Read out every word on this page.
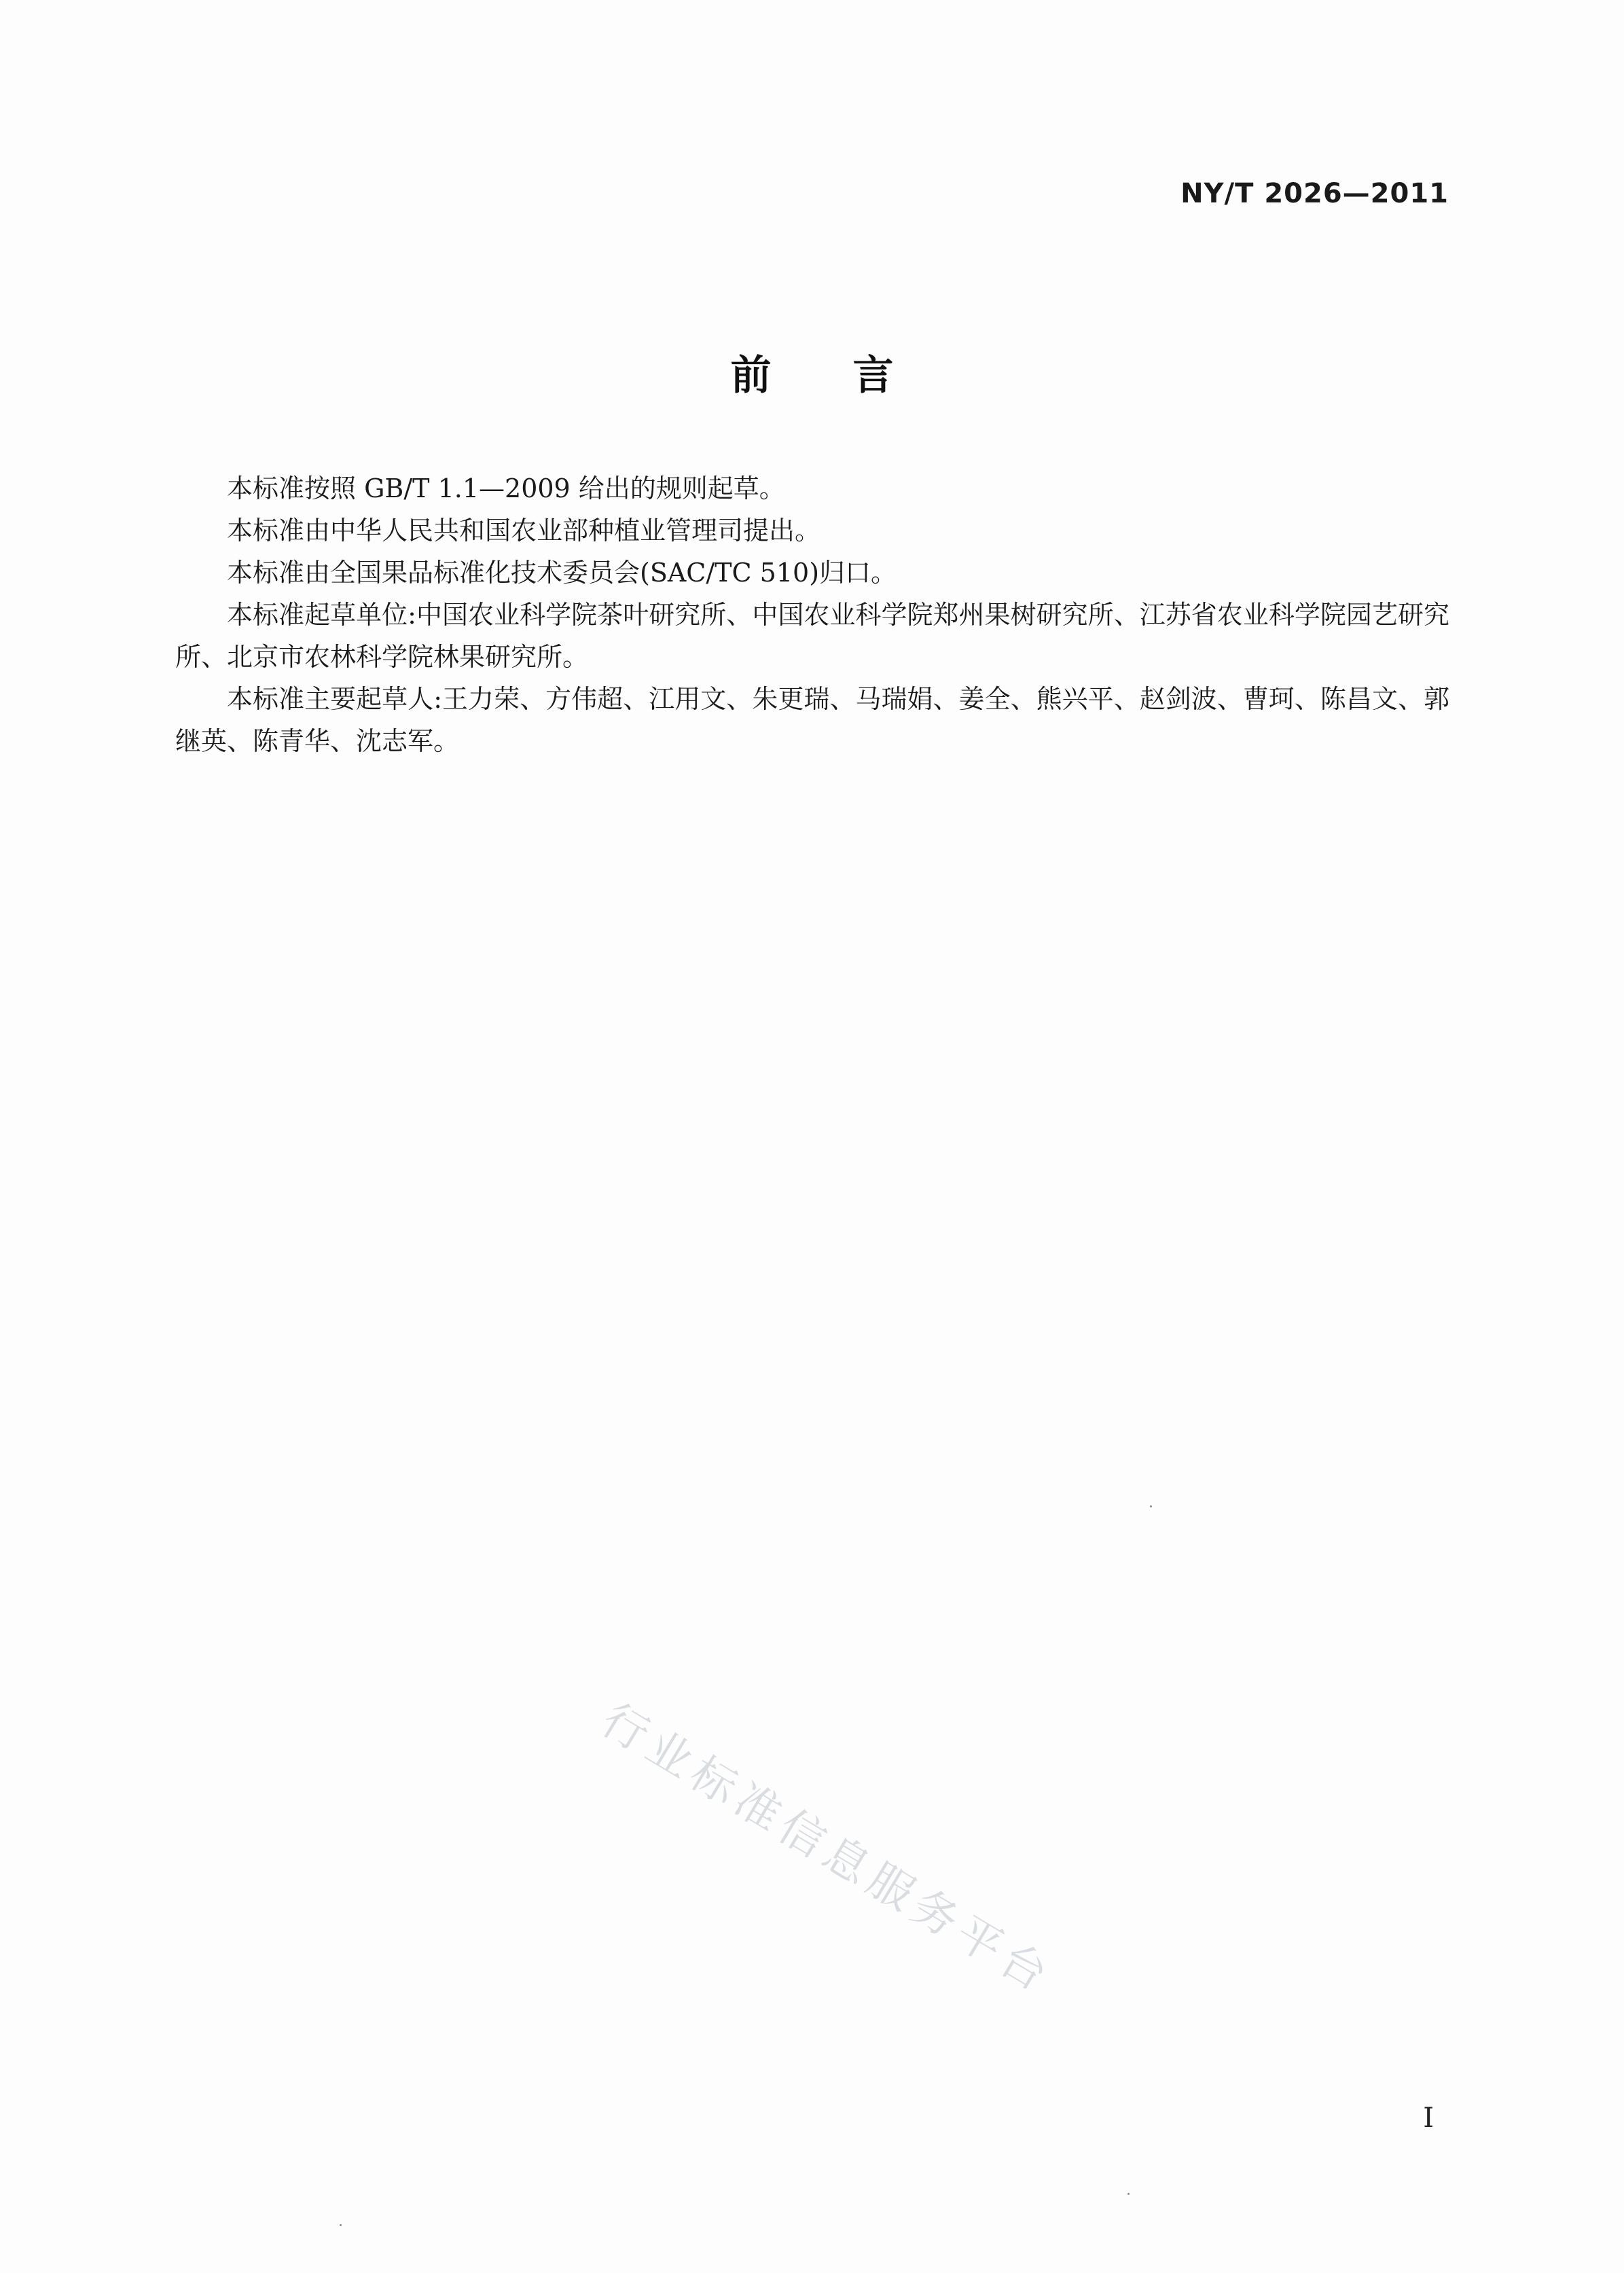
NY/T 2026—2011
前言

本标准按照 GB/T 1.1—2009 给出的规则起草。

本标准由中华人民共和国农业部种植业管理司提出。

本标准由全国果品标准化技术委员会(SAC/TC 510)归口。

本标准起草单位:中国农业科学院茶叶研究所、中国农业科学院郑州果树研究所、江苏省农业科学院园艺研究所、北京市农林科学院林果研究所。

本标准主要起草人:王力荣、方伟超、江用文、朱更瑞、马瑞娟、姜全、熊兴平、赵剑波、曹珂、陈昌文、郭继英、陈青华、沈志军。

行业标准信息服务平台
I
